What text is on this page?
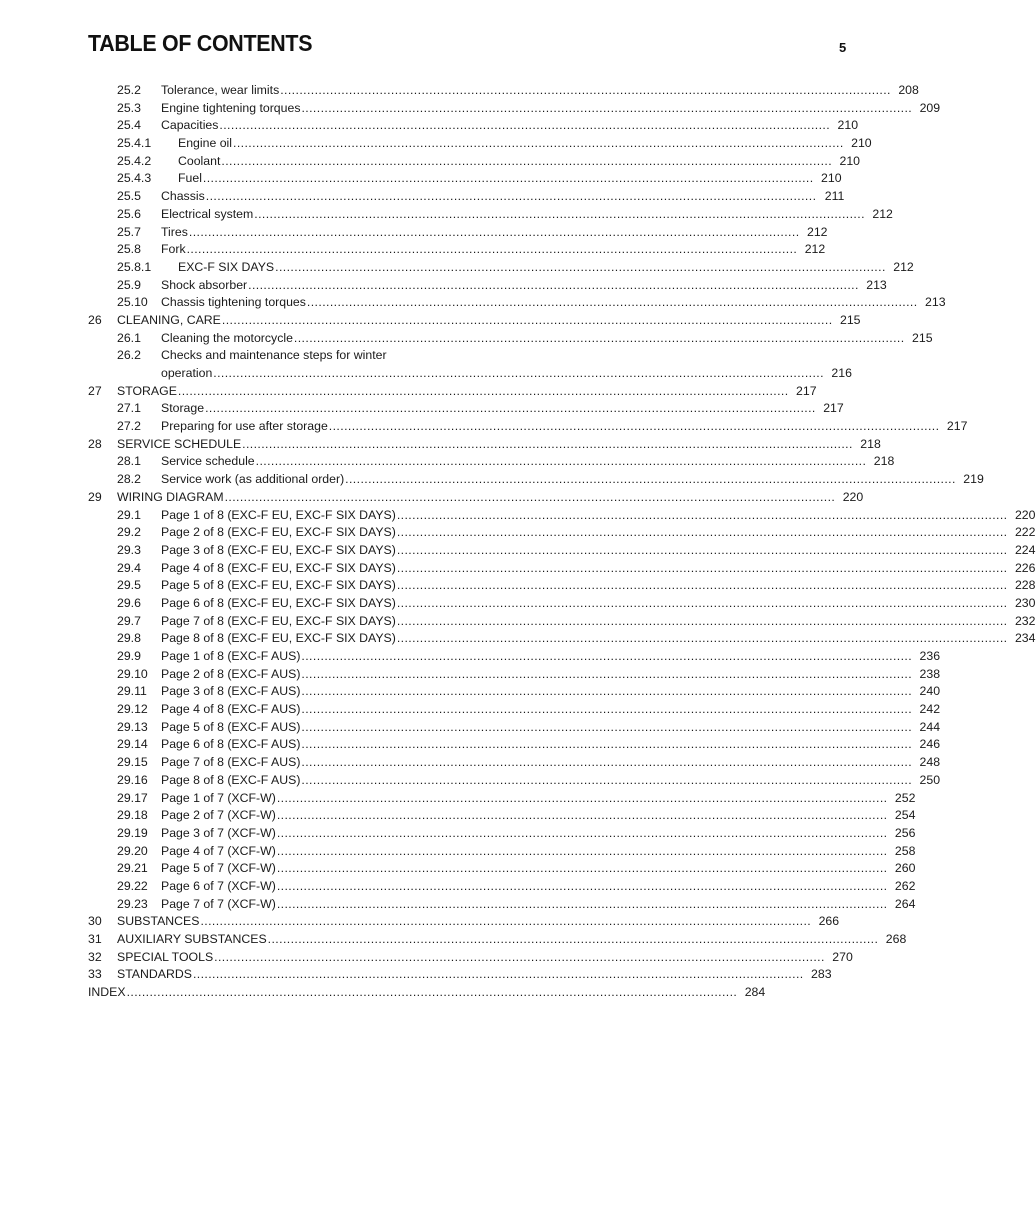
TABLE OF CONTENTS	5
25.2 Tolerance, wear limits ................................................................................................................................................................ 208
25.3 Engine tightening torques ................................................................................................................................................................ 209
25.4 Capacities ................................................................................................................................................................ 210
25.4.1 Engine oil ................................................................................................................................................................ 210
25.4.2 Coolant ................................................................................................................................................................ 210
25.4.3 Fuel ................................................................................................................................................................ 210
25.5 Chassis ................................................................................................................................................................ 211
25.6 Electrical system ................................................................................................................................................................ 212
25.7 Tires ................................................................................................................................................................ 212
25.8 Fork ................................................................................................................................................................ 212
25.8.1 EXC-F SIX DAYS ................................................................................................................................................................ 212
25.9 Shock absorber ................................................................................................................................................................ 213
25.10 Chassis tightening torques ................................................................................................................................................................ 213
26 CLEANING, CARE ................................................................................................................................................................ 215
26.1 Cleaning the motorcycle ................................................................................................................................................................ 215
26.2 Checks and maintenance steps for winter
operation ................................................................................................................................................................ 216
27 STORAGE ................................................................................................................................................................ 217
27.1 Storage ................................................................................................................................................................ 217
27.2 Preparing for use after storage ................................................................................................................................................................ 217
28 SERVICE SCHEDULE ................................................................................................................................................................ 218
28.1 Service schedule ................................................................................................................................................................ 218
28.2 Service work (as additional order) ................................................................................................................................................................ 219
29 WIRING DIAGRAM ................................................................................................................................................................ 220
29.1 Page 1 of 8 (EXC-F EU, EXC-F SIX DAYS) ................................................................................................................................................................ 220
29.2 Page 2 of 8 (EXC-F EU, EXC-F SIX DAYS) ................................................................................................................................................................ 222
29.3 Page 3 of 8 (EXC-F EU, EXC-F SIX DAYS) ................................................................................................................................................................ 224
29.4 Page 4 of 8 (EXC-F EU, EXC-F SIX DAYS) ................................................................................................................................................................ 226
29.5 Page 5 of 8 (EXC-F EU, EXC-F SIX DAYS) ................................................................................................................................................................ 228
29.6 Page 6 of 8 (EXC-F EU, EXC-F SIX DAYS) ................................................................................................................................................................ 230
29.7 Page 7 of 8 (EXC-F EU, EXC-F SIX DAYS) ................................................................................................................................................................ 232
29.8 Page 8 of 8 (EXC-F EU, EXC-F SIX DAYS) ................................................................................................................................................................ 234
29.9 Page 1 of 8 (EXC-F AUS) ................................................................................................................................................................ 236
29.10 Page 2 of 8 (EXC-F AUS) ................................................................................................................................................................ 238
29.11 Page 3 of 8 (EXC-F AUS) ................................................................................................................................................................ 240
29.12 Page 4 of 8 (EXC-F AUS) ................................................................................................................................................................ 242
29.13 Page 5 of 8 (EXC-F AUS) ................................................................................................................................................................ 244
29.14 Page 6 of 8 (EXC-F AUS) ................................................................................................................................................................ 246
29.15 Page 7 of 8 (EXC-F AUS) ................................................................................................................................................................ 248
29.16 Page 8 of 8 (EXC-F AUS) ................................................................................................................................................................ 250
29.17 Page 1 of 7 (XCF-W) ................................................................................................................................................................ 252
29.18 Page 2 of 7 (XCF-W) ................................................................................................................................................................ 254
29.19 Page 3 of 7 (XCF-W) ................................................................................................................................................................ 256
29.20 Page 4 of 7 (XCF-W) ................................................................................................................................................................ 258
29.21 Page 5 of 7 (XCF-W) ................................................................................................................................................................ 260
29.22 Page 6 of 7 (XCF-W) ................................................................................................................................................................ 262
29.23 Page 7 of 7 (XCF-W) ................................................................................................................................................................ 264
30 SUBSTANCES ................................................................................................................................................................ 266
31 AUXILIARY SUBSTANCES ................................................................................................................................................................ 268
32 SPECIAL TOOLS ................................................................................................................................................................ 270
33 STANDARDS ................................................................................................................................................................ 283
INDEX ................................................................................................................................................................ 284
